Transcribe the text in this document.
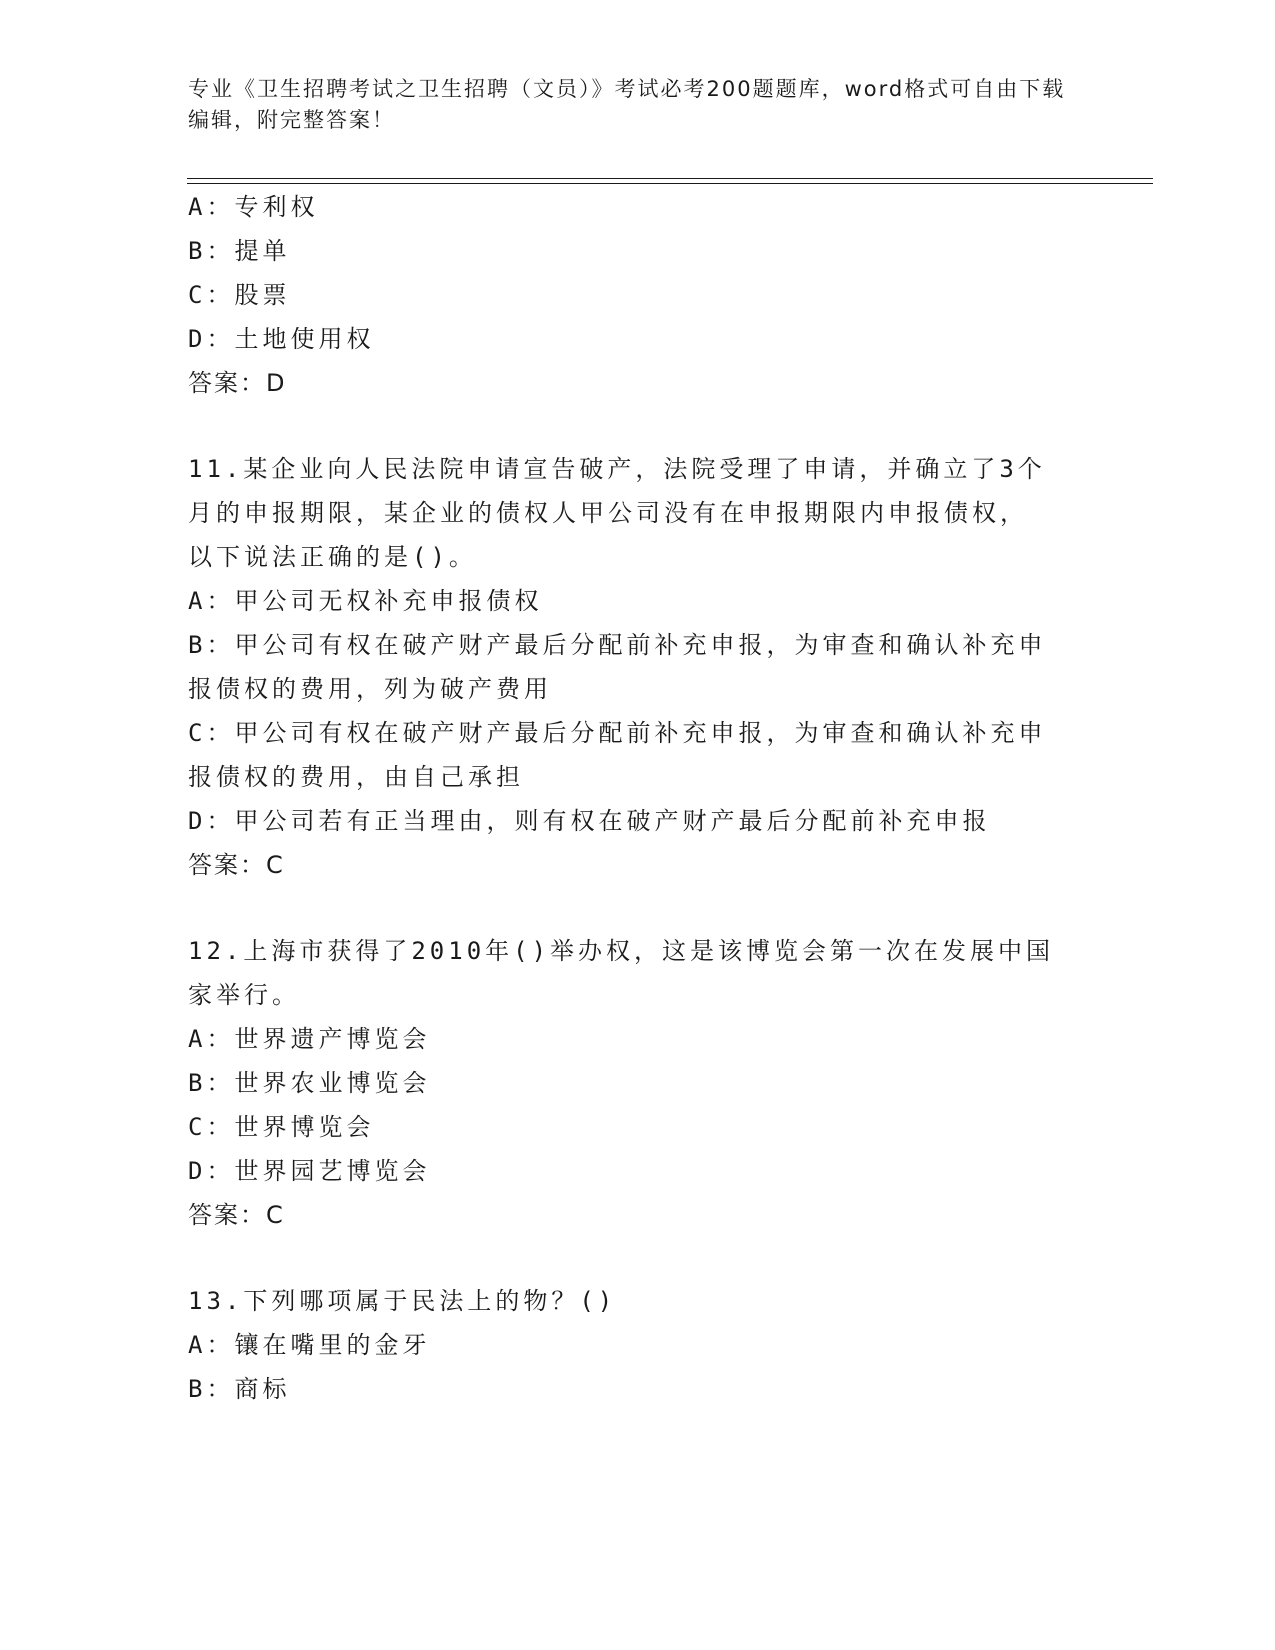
专业《卫生招聘考试之卫生招聘（文员）》考试必考200题题库，word格式可自由下载编辑，附完整答案！
A：专利权
B：提单
C：股票
D：土地使用权
答案：D
11.某企业向人民法院申请宣告破产，法院受理了申请，并确立了3个
月的申报期限，某企业的债权人甲公司没有在申报期限内申报债权，
以下说法正确的是()。
A：甲公司无权补充申报债权
B：甲公司有权在破产财产最后分配前补充申报，为审查和确认补充申
报债权的费用，列为破产费用
C：甲公司有权在破产财产最后分配前补充申报，为审查和确认补充申
报债权的费用，由自己承担
D：甲公司若有正当理由，则有权在破产财产最后分配前补充申报
答案：C
12.上海市获得了2010年()举办权，这是该博览会第一次在发展中国
家举行。
A：世界遗产博览会
B：世界农业博览会
C：世界博览会
D：世界园艺博览会
答案：C
13.下列哪项属于民法上的物？()
A：镶在嘴里的金牙
B：商标
